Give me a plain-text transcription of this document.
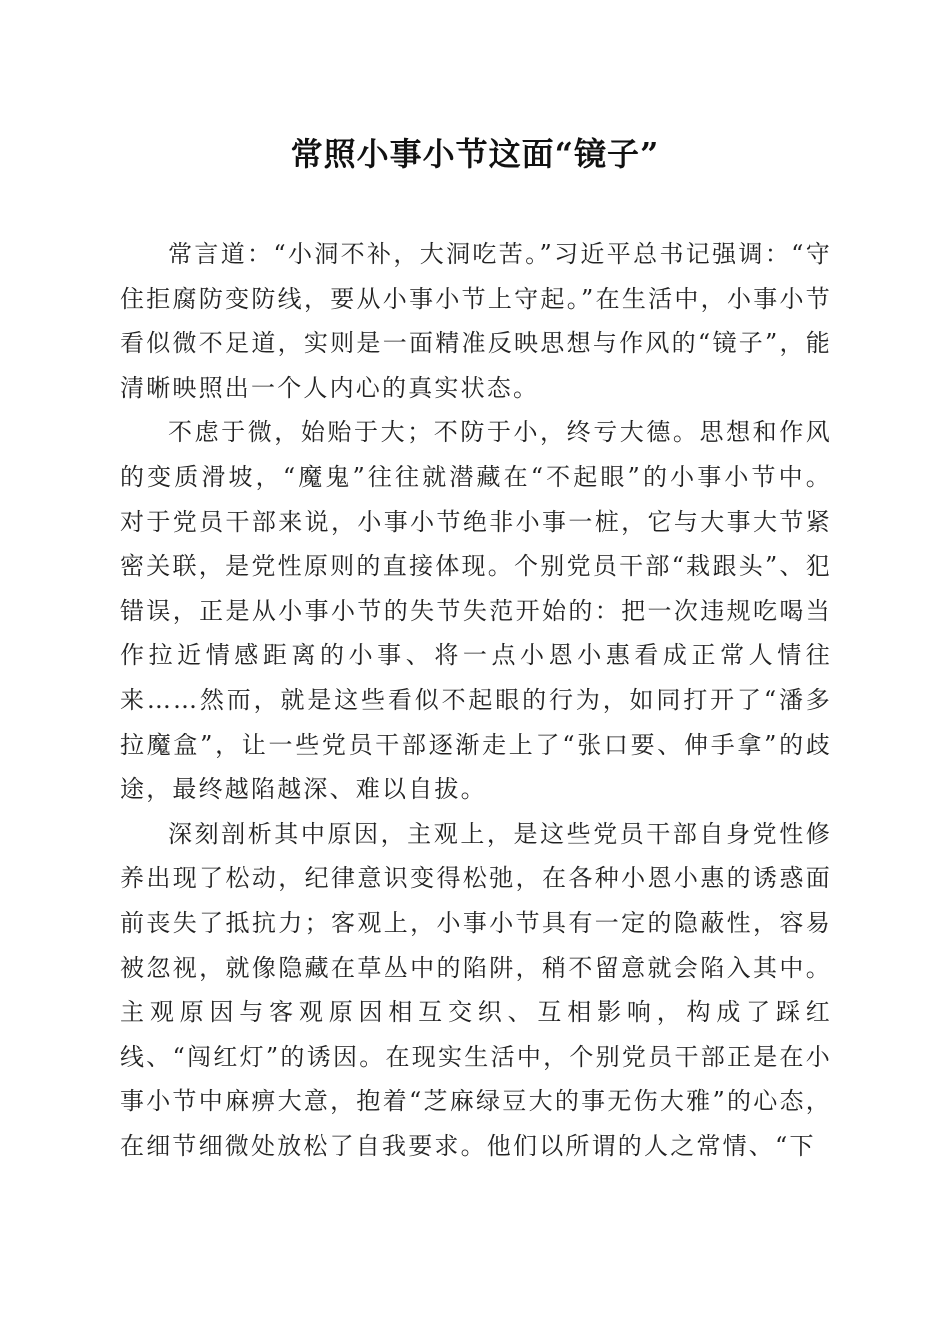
常照小事小节这面“镜子”

常言道：“小洞不补，大洞吃苦。”习近平总书记强调：“守住拒腐防变防线，要从小事小节上守起。”在生活中，小事小节看似微不足道，实则是一面精准反映思想与作风的“镜子”，能清晰映照出一个人内心的真实状态。

不虑于微，始贻于大；不防于小，终亏大德。思想和作风的变质滑坡，“魔鬼”往往就潜藏在“不起眼”的小事小节中。对于党员干部来说，小事小节绝非小事一桩，它与大事大节紧密关联，是党性原则的直接体现。个别党员干部“栽跟头”、犯错误，正是从小事小节的失节失范开始的：把一次违规吃喝当作拉近情感距离的小事、将一点小恩小惠看成正常人情往来……然而，就是这些看似不起眼的行为，如同打开了“潘多拉魔盒”，让一些党员干部逐渐走上了“张口要、伸手拿”的歧途，最终越陷越深、难以自拔。

深刻剖析其中原因，主观上，是这些党员干部自身党性修养出现了松动，纪律意识变得松弛，在各种小恩小惠的诱惑面前丧失了抵抗力；客观上，小事小节具有一定的隐蔽性，容易被忽视，就像隐藏在草丛中的陷阱，稍不留意就会陷入其中。主观原因与客观原因相互交织、互相影响，构成了踩红线、“闯红灯”的诱因。在现实生活中，个别党员干部正是在小事小节中麻痹大意，抱着“芝麻绿豆大的事无伤大雅”的心态，在细节细微处放松了自我要求。他们以所谓的人之常情、“下
